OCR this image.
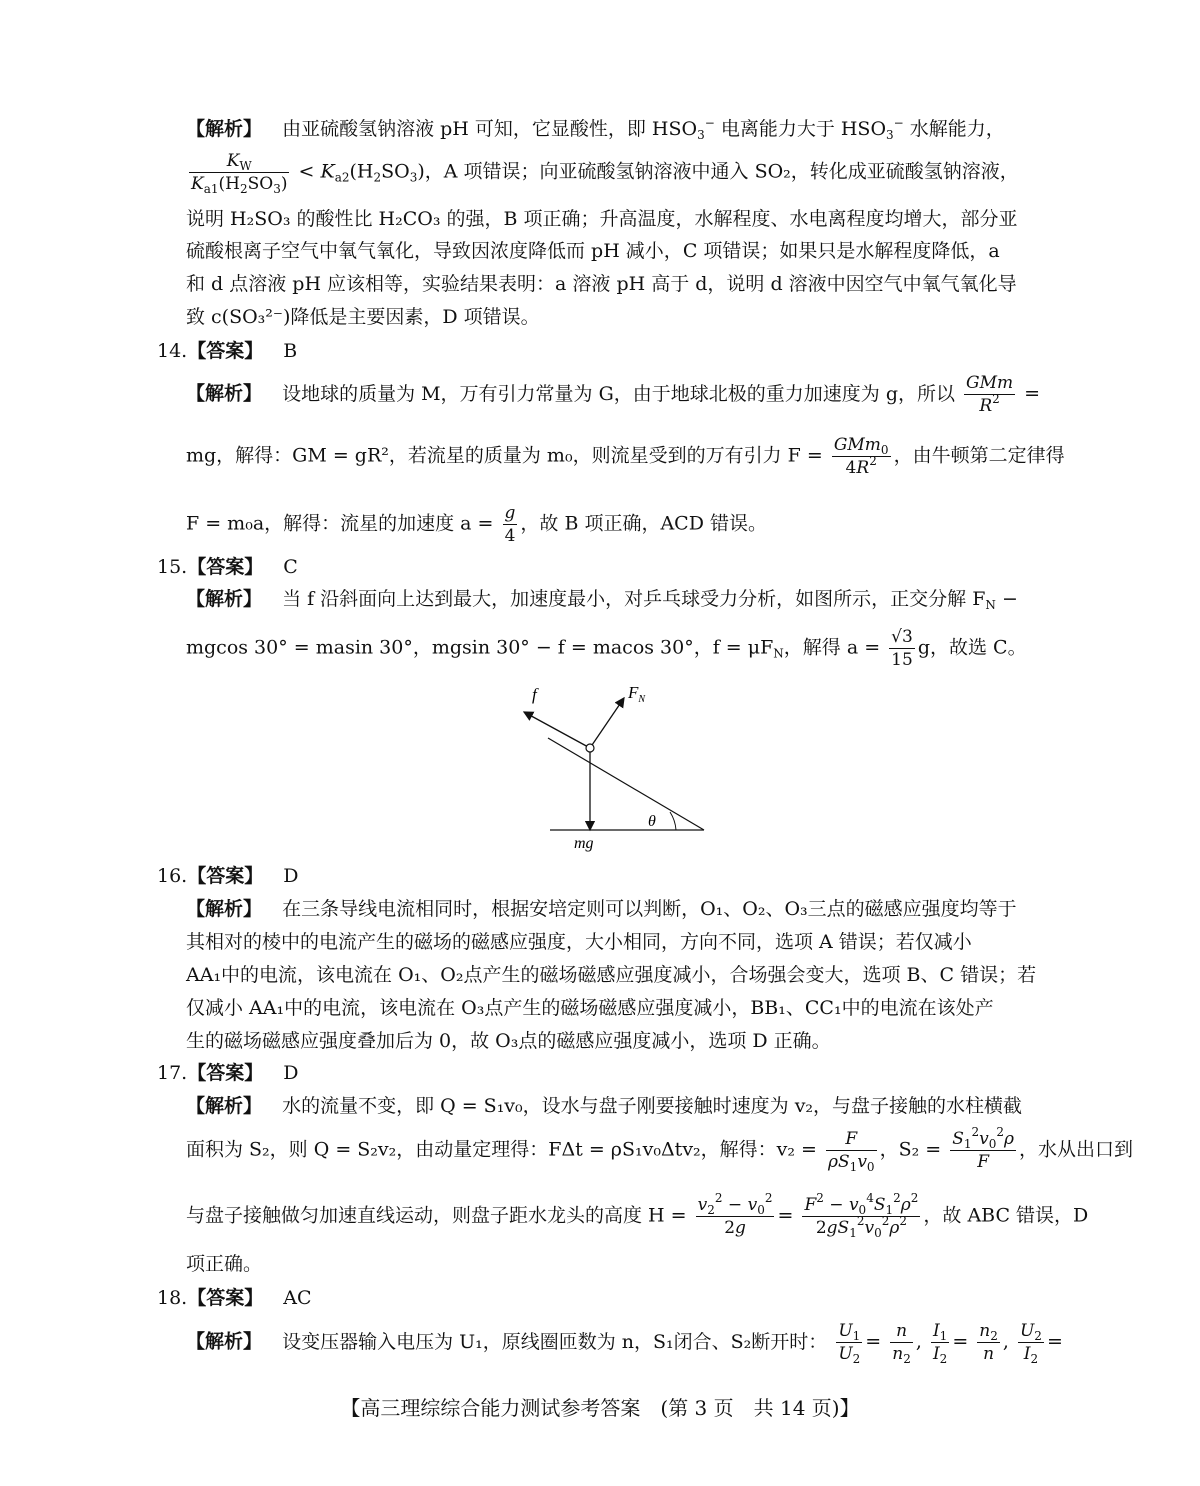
【解析】 由亚硫酸氢钠溶液 pH 可知，它显酸性，即 $HSO_3^-$ 电离能力大于 $HSO_3^-$ 水解能力，
$\frac{K_W}{K_{a1}(H_2SO_3)} < K_{a2}(H_2SO_3)$，A 项错误；向亚硫酸氢钠溶液中通入 SO₂，转化成亚硫酸氢钠溶液，
说明 H₂SO₃ 的酸性比 H₂CO₃ 的强，B 项正确；升高温度，水解程度、水电离程度均增大，部分亚
硫酸根离子空气中氧气氧化，导致因浓度降低而 pH 减小，C 项错误；如果只是水解程度降低，a
和 d 点溶液 pH 应该相等，实验结果表明：a 溶液 pH 高于 d，说明 d 溶液中因空气中氧气氧化导
致 c(SO₃²⁻)降低是主要因素，D 项错误。
14.【答案】 B
【解析】 设地球的质量为 M，万有引力常量为 G，由于地球北极的重力加速度为 g，所以 $\frac{\text{GMm}}{R^2}$ =
mg，解得：GM = gR²，若流星的质量为 m₀，则流星受到的万有引力 $F = \frac{GMm_0}{4R^2}$ ，由牛顿第二定律得
F = m₀a，解得：流星的加速度 $a = \frac{g}{4}$ ，故 B 项正确，ACD 错误。
15.【答案】 C
【解析】 当 f 沿斜面向上达到最大，加速度最小，对乒乓球受力分析，如图所示，正交分解 $F_N$ −
mgcos 30° = masin 30°，mgsin 30° − f = macos 30°，$f = \mu F_N$，解得 $a = \frac{√3}{15}$ g，故选 C。
f	$F_N$
θ
mg
16.【答案】 D
【解析】 在三条导线电流相同时，根据安培定则可以判断，O₁、O₂、O₃三点的磁感应强度均等于
其相对的棱中的电流产生的磁场的磁感应强度，大小相同，方向不同，选项 A 错误；若仅减小
AA₁中的电流，该电流在 O₁、O₂点产生的磁场磁感应强度减小，合场强会变大，选项 B、C 错误；若
仅减小 AA₁中的电流，该电流在 O₃点产生的磁场磁感应强度减小，BB₁、CC₁中的电流在该处产
生的磁场磁感应强度叠加后为 0，故 O₃点的磁感应强度减小，选项 D 正确。
17.【答案】 D
【解析】 水的流量不变，即 Q = S₁v₀，设水与盘子刚要接触时速度为 v₂，与盘子接触的水柱横截
面积为 S₂，则 Q = S₂v₂，由动量定理得：FΔt = ρS₁v₀Δtv₂，解得：$v_2 = \frac{F}{\rho S_1v_0}$ ，$S_2 = \frac{S_1^2v_0^2\rho}{F}$ ，水从出口到
与盘子接触做匀加速直线运动，则盘子距水龙头的高度 $H = \frac{v_2^2 - v_0^2}{2g} = \frac{F^2 - v_0^4S_1^2\rho^2}{2gS_1^2v_0^2\rho^2}$ ，故 ABC 错误，D
项正确。
18.【答案】 AC
【解析】 设变压器输入电压为 U₁，原线圈匝数为 n，S₁闭合、S₂断开时： $\frac{U_1}{U_2} = \frac{n}{n_2}$ , $\frac{I_1}{I_2} = \frac{n_2}{n}$ , $\frac{U_2}{I_2}$ =
【高三理综综合能力测试参考答案　(第 3 页　共 14 页)】
